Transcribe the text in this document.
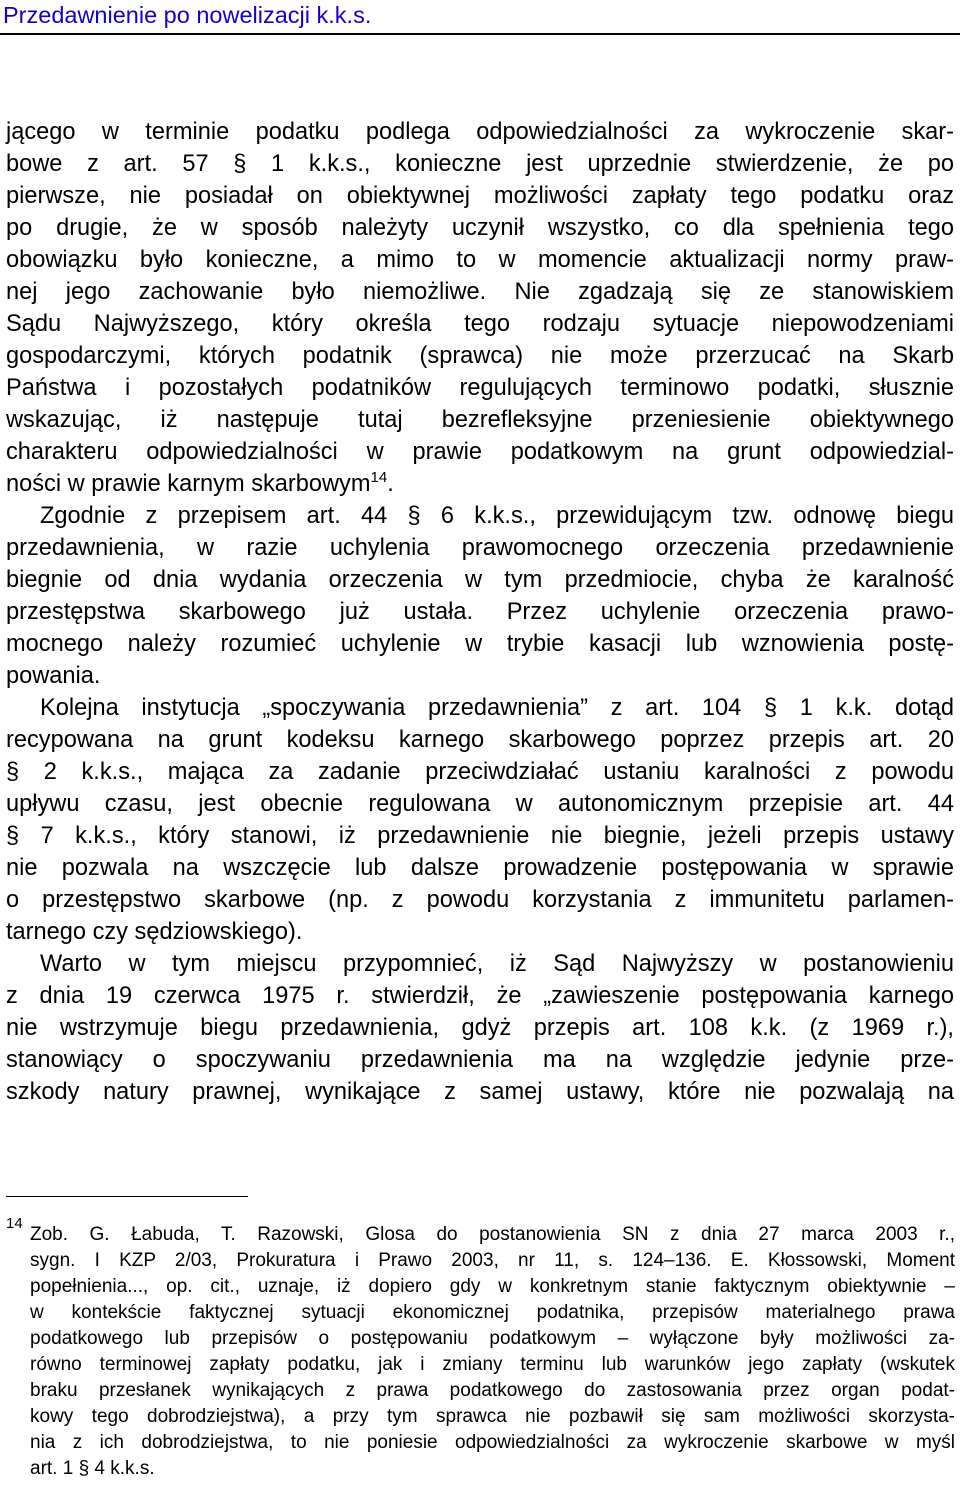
Przedawnienie po nowelizacji k.k.s.
jącego w terminie podatku podlega odpowiedzialności za wykroczenie skar-
bowe z art. 57 § 1 k.k.s., konieczne jest uprzednie stwierdzenie, że po
pierwsze, nie posiadał on obiektywnej możliwości zapłaty tego podatku oraz
po drugie, że w sposób należyty uczynił wszystko, co dla spełnienia tego
obowiązku było konieczne, a mimo to w momencie aktualizacji normy praw-
nej jego zachowanie było niemożliwe. Nie zgadzają się ze stanowiskiem
Sądu Najwyższego, który określa tego rodzaju sytuacje niepowodzeniami
gospodarczymi, których podatnik (sprawca) nie może przerzucać na Skarb
Państwa i pozostałych podatników regulujących terminowo podatki, słusznie
wskazując, iż następuje tutaj bezrefleksyjne przeniesienie obiektywnego
charakteru odpowiedzialności w prawie podatkowym na grunt odpowiedzial-
ności w prawie karnym skarbowym$^{14}$.
Zgodnie z przepisem art. 44 § 6 k.k.s., przewidującym tzw. odnowę biegu
przedawnienia, w razie uchylenia prawomocnego orzeczenia przedawnienie
biegnie od dnia wydania orzeczenia w tym przedmiocie, chyba że karalność
przestępstwa skarbowego już ustała. Przez uchylenie orzeczenia prawo-
mocnego należy rozumieć uchylenie w trybie kasacji lub wznowienia postę-
powania.
Kolejna instytucja „spoczywania przedawnienia” z art. 104 § 1 k.k. dotąd
recypowana na grunt kodeksu karnego skarbowego poprzez przepis art. 20
§ 2 k.k.s., mająca za zadanie przeciwdziałać ustaniu karalności z powodu
upływu czasu, jest obecnie regulowana w autonomicznym przepisie art. 44
§ 7 k.k.s., który stanowi, iż przedawnienie nie biegnie, jeżeli przepis ustawy
nie pozwala na wszczęcie lub dalsze prowadzenie postępowania w sprawie
o przestępstwo skarbowe (np. z powodu korzystania z immunitetu parlamen-
tarnego czy sędziowskiego).
Warto w tym miejscu przypomnieć, iż Sąd Najwyższy w postanowieniu
z dnia 19 czerwca 1975 r. stwierdził, że „zawieszenie postępowania karnego
nie wstrzymuje biegu przedawnienia, gdyż przepis art. 108 k.k. (z 1969 r.),
stanowiący o spoczywaniu przedawnienia ma na względzie jedynie prze-
szkody natury prawnej, wynikające z samej ustawy, które nie pozwalają na
14
Zob. G. Łabuda, T. Razowski, Glosa do postanowienia SN z dnia 27 marca 2003 r.,
sygn. I KZP 2/03, Prokuratura i Prawo 2003, nr 11, s. 124–136. E. Kłossowski, Moment
popełnienia..., op. cit., uznaje, iż dopiero gdy w konkretnym stanie faktycznym obiektywnie –
w kontekście faktycznej sytuacji ekonomicznej podatnika, przepisów materialnego prawa
podatkowego lub przepisów o postępowaniu podatkowym – wyłączone były możliwości za-
równo terminowej zapłaty podatku, jak i zmiany terminu lub warunków jego zapłaty (wskutek
braku przesłanek wynikających z prawa podatkowego do zastosowania przez organ podat-
kowy tego dobrodziejstwa), a przy tym sprawca nie pozbawił się sam możliwości skorzysta-
nia z ich dobrodziejstwa, to nie poniesie odpowiedzialności za wykroczenie skarbowe w myśl
art. 1 § 4 k.k.s.
